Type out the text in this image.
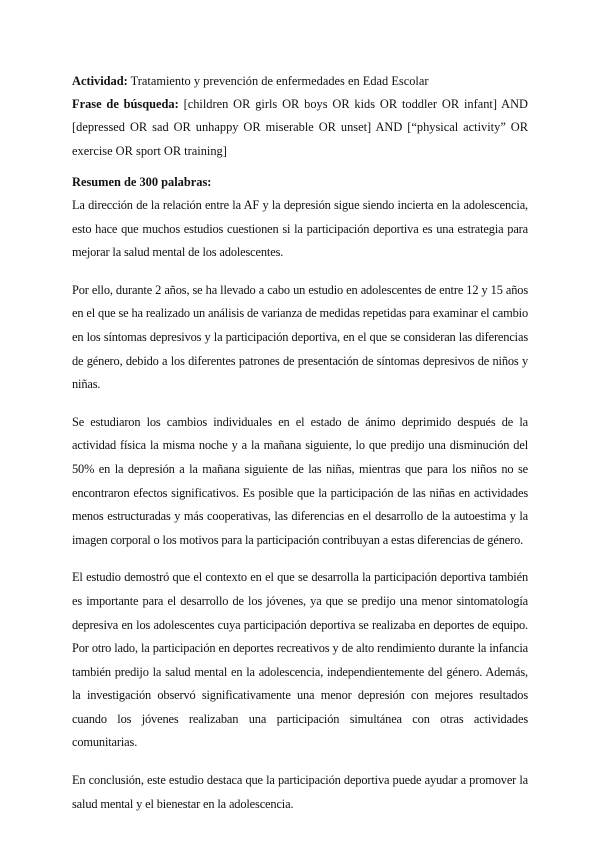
Actividad: Tratamiento y prevención de enfermedades en Edad Escolar

Frase de búsqueda: [children OR girls OR boys OR kids OR toddler OR infant] AND [depressed OR sad OR unhappy OR miserable OR unset] AND [“physical activity” OR exercise OR sport OR training]

Resumen de 300 palabras:

La dirección de la relación entre la AF y la depresión sigue siendo incierta en la adolescencia, esto hace que muchos estudios cuestionen si la participación deportiva es una estrategia para mejorar la salud mental de los adolescentes.

Por ello, durante 2 años, se ha llevado a cabo un estudio en adolescentes de entre 12 y 15 años en el que se ha realizado un análisis de varianza de medidas repetidas para examinar el cambio en los síntomas depresivos y la participación deportiva, en el que se consideran las diferencias de género, debido a los diferentes patrones de presentación de síntomas depresivos de niños y niñas.

Se estudiaron los cambios individuales en el estado de ánimo deprimido después de la actividad física la misma noche y a la mañana siguiente, lo que predijo una disminución del 50% en la depresión a la mañana siguiente de las niñas, mientras que para los niños no se encontraron efectos significativos. Es posible que la participación de las niñas en actividades menos estructuradas y más cooperativas, las diferencias en el desarrollo de la autoestima y la imagen corporal o los motivos para la participación contribuyan a estas diferencias de género.

El estudio demostró que el contexto en el que se desarrolla la participación deportiva también es importante para el desarrollo de los jóvenes, ya que se predijo una menor sintomatología depresiva en los adolescentes cuya participación deportiva se realizaba en deportes de equipo. Por otro lado, la participación en deportes recreativos y de alto rendimiento durante la infancia también predijo la salud mental en la adolescencia, independientemente del género. Además, la investigación observó significativamente una menor depresión con mejores resultados cuando los jóvenes realizaban una participación simultánea con otras actividades comunitarias.

En conclusión, este estudio destaca que la participación deportiva puede ayudar a promover la salud mental y el bienestar en la adolescencia.
